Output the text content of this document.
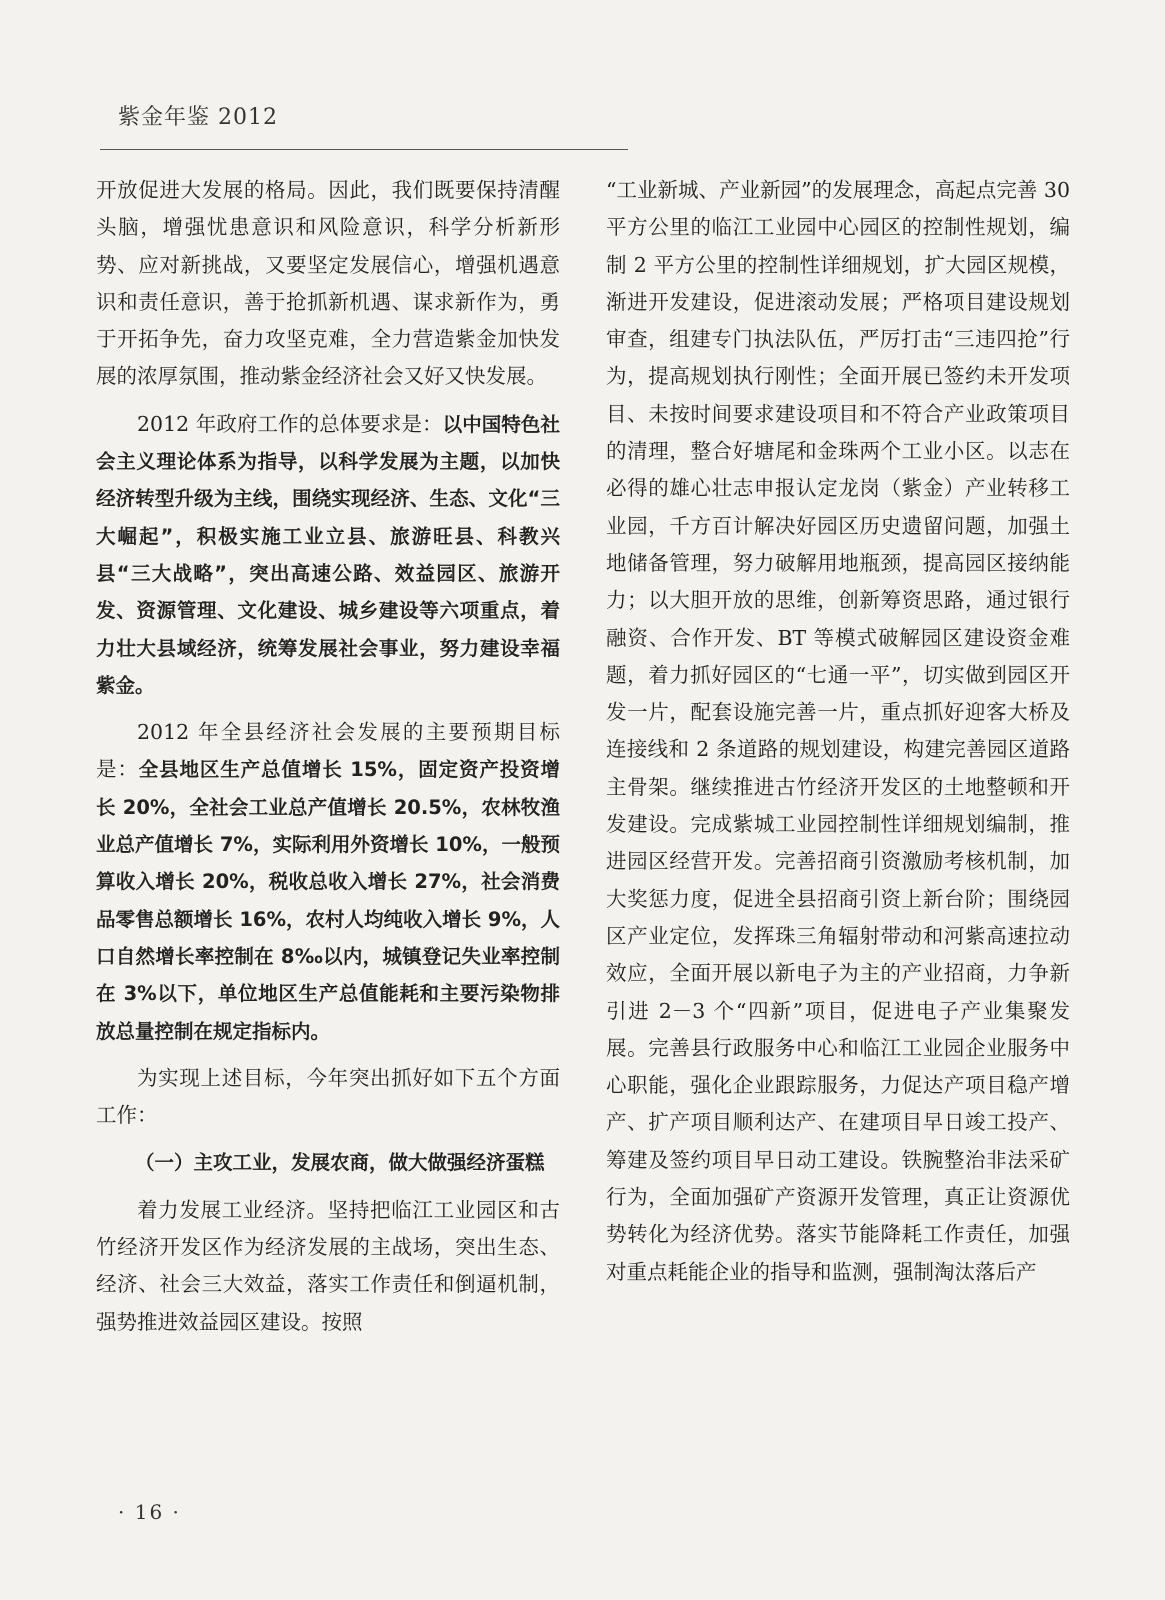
紫金年鉴 2012

开放促进大发展的格局。因此，我们既要保持清醒头脑，增强忧患意识和风险意识，科学分析新形势、应对新挑战，又要坚定发展信心，增强机遇意识和责任意识，善于抢抓新机遇、谋求新作为，勇于开拓争先，奋力攻坚克难，全力营造紫金加快发展的浓厚氛围，推动紫金经济社会又好又快发展。

2012 年政府工作的总体要求是：以中国特色社会主义理论体系为指导，以科学发展为主题，以加快经济转型升级为主线，围绕实现经济、生态、文化“三大崛起”，积极实施工业立县、旅游旺县、科教兴县“三大战略”，突出高速公路、效益园区、旅游开发、资源管理、文化建设、城乡建设等六项重点，着力壮大县域经济，统筹发展社会事业，努力建设幸福紫金。

2012 年全县经济社会发展的主要预期目标是：全县地区生产总值增长 15%，固定资产投资增长 20%，全社会工业总产值增长 20.5%，农林牧渔业总产值增长 7%，实际利用外资增长 10%，一般预算收入增长 20%，税收总收入增长 27%，社会消费品零售总额增长 16%，农村人均纯收入增长 9%，人口自然增长率控制在 8‰以内，城镇登记失业率控制在 3%以下，单位地区生产总值能耗和主要污染物排放总量控制在规定指标内。

为实现上述目标，今年突出抓好如下五个方面工作：

（一）主攻工业，发展农商，做大做强经济蛋糕

着力发展工业经济。坚持把临江工业园区和古竹经济开发区作为经济发展的主战场，突出生态、经济、社会三大效益，落实工作责任和倒逼机制，强势推进效益园区建设。按照

“工业新城、产业新园”的发展理念，高起点完善 30 平方公里的临江工业园中心园区的控制性规划，编制 2 平方公里的控制性详细规划，扩大园区规模，渐进开发建设，促进滚动发展；严格项目建设规划审查，组建专门执法队伍，严厉打击“三违四抢”行为，提高规划执行刚性；全面开展已签约未开发项目、未按时间要求建设项目和不符合产业政策项目的清理，整合好塘尾和金珠两个工业小区。以志在必得的雄心壮志申报认定龙岗（紫金）产业转移工业园，千方百计解决好园区历史遗留问题，加强土地储备管理，努力破解用地瓶颈，提高园区接纳能力；以大胆开放的思维，创新筹资思路，通过银行融资、合作开发、BT 等模式破解园区建设资金难题，着力抓好园区的“七通一平”，切实做到园区开发一片，配套设施完善一片，重点抓好迎客大桥及连接线和 2 条道路的规划建设，构建完善园区道路主骨架。继续推进古竹经济开发区的土地整顿和开发建设。完成紫城工业园控制性详细规划编制，推进园区经营开发。完善招商引资激励考核机制，加大奖惩力度，促进全县招商引资上新台阶；围绕园区产业定位，发挥珠三角辐射带动和河紫高速拉动效应，全面开展以新电子为主的产业招商，力争新引进 2－3 个“四新”项目，促进电子产业集聚发展。完善县行政服务中心和临江工业园企业服务中心职能，强化企业跟踪服务，力促达产项目稳产增产、扩产项目顺利达产、在建项目早日竣工投产、筹建及签约项目早日动工建设。铁腕整治非法采矿行为，全面加强矿产资源开发管理，真正让资源优势转化为经济优势。落实节能降耗工作责任，加强对重点耗能企业的指导和监测，强制淘汰落后产

· 16 ·
